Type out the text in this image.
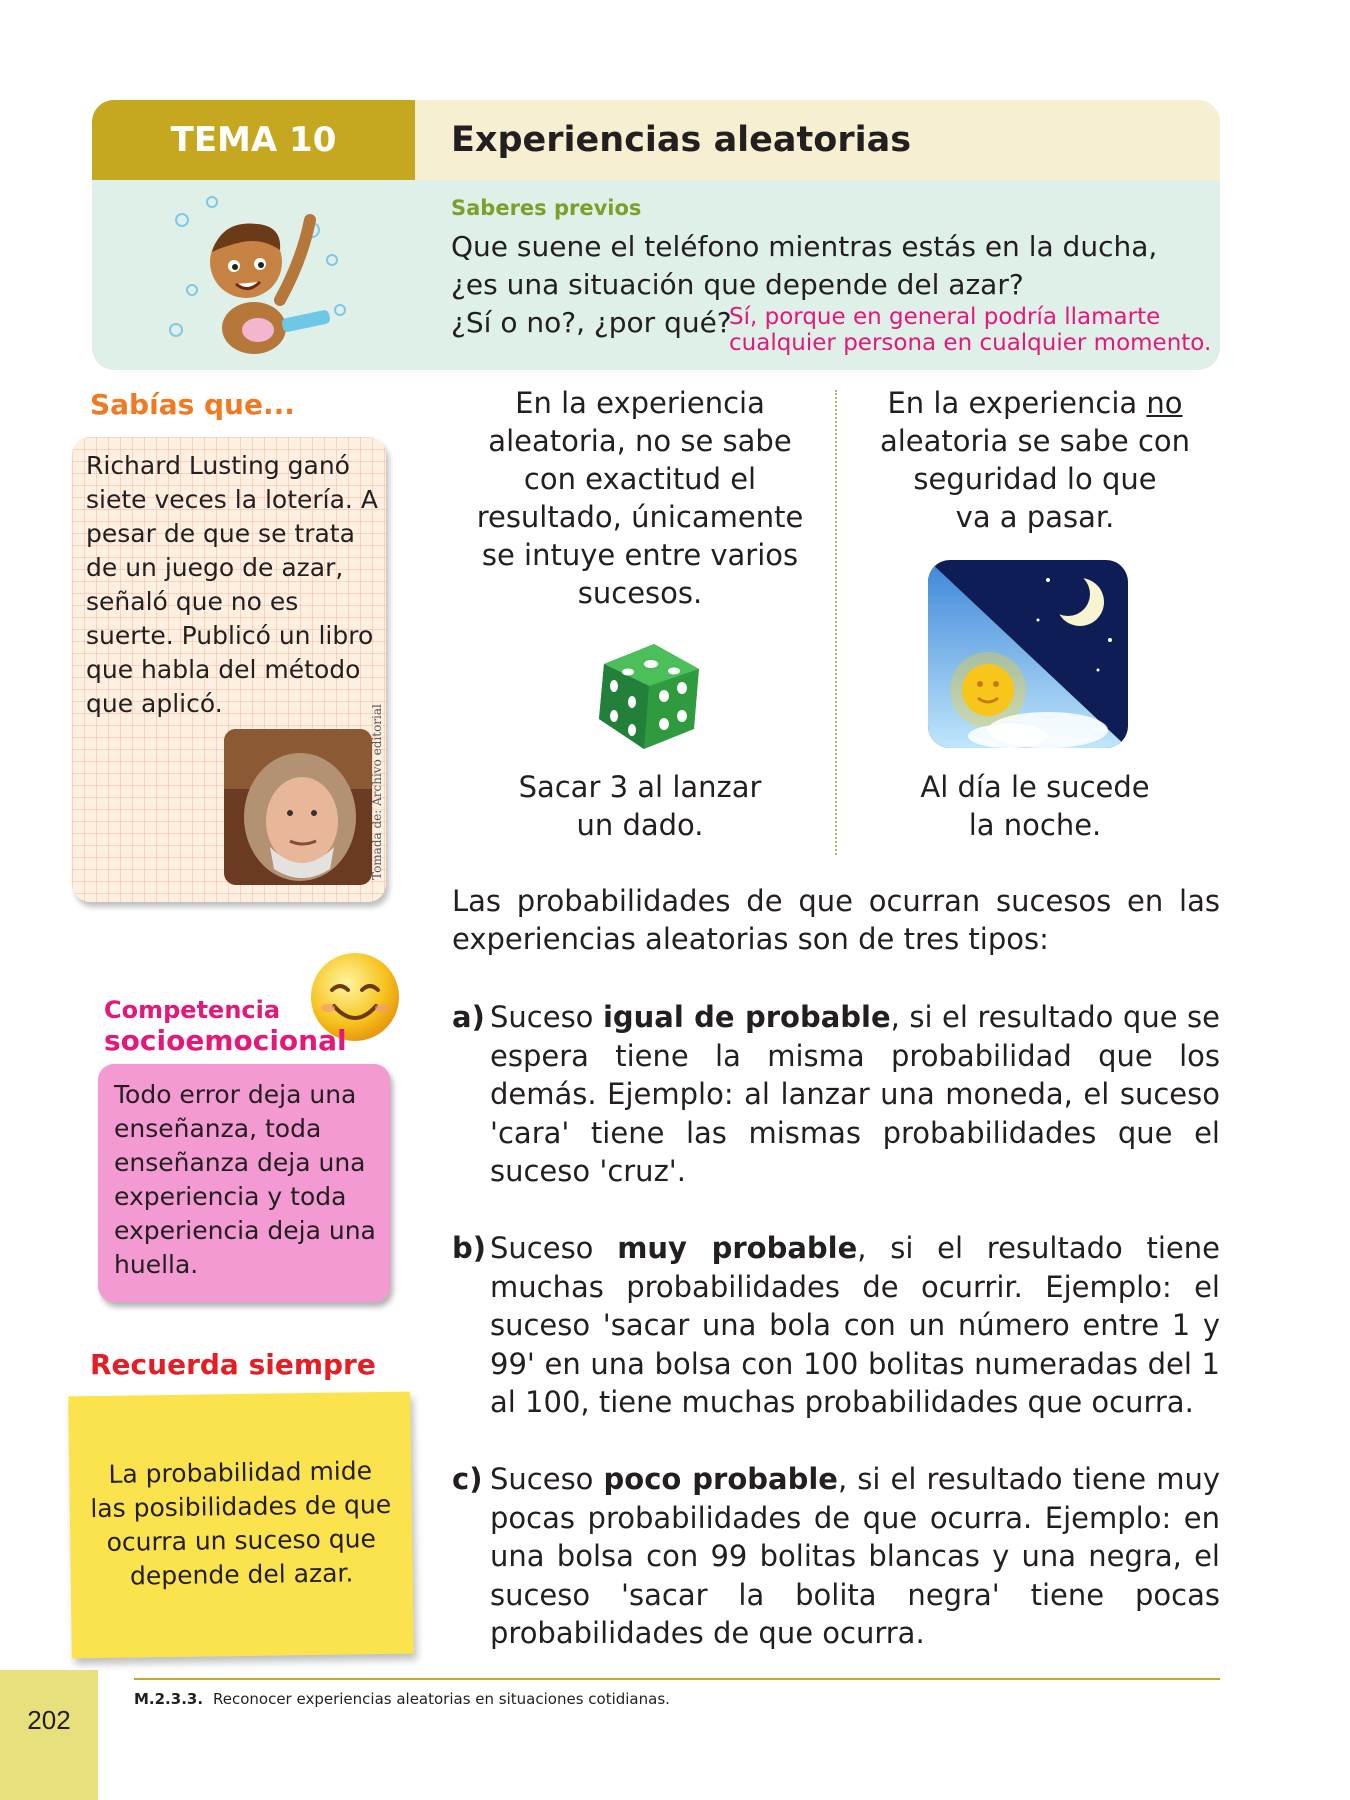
TEMA 10	Experiencias aleatorias
Saberes previos
Que suene el teléfono mientras estás en la ducha,
¿es una situación que depende del azar?
¿Sí o no?, ¿por qué?
Sí, porque en general podría llamarte
cualquier persona en cualquier momento.
Sabías que...
Richard Lusting ganó siete veces la lotería. A pesar de que se trata de un juego de azar, señaló que no es suerte. Publicó un libro que habla del método que aplicó.
Tomada de: Archivo editorial
Competencia
socioemocional
Todo error deja una enseñanza, toda enseñanza deja una experiencia y toda experiencia deja una huella.
Recuerda siempre
La probabilidad mide las posibilidades de que ocurra un suceso que depende del azar.
En la experiencia
aleatoria, no se sabe
con exactitud el
resultado, únicamente
se intuye entre varios
sucesos.
Sacar 3 al lanzar
un dado.
En la experiencia no
aleatoria se sabe con
seguridad lo que
va a pasar.
Al día le sucede
la noche.
Las probabilidades de que ocurran sucesos en las experiencias aleatorias son de tres tipos:
a) Suceso igual de probable, si el resultado que se espera tiene la misma probabilidad que los demás. Ejemplo: al lanzar una moneda, el suceso 'cara' tiene las mismas probabilidades que el suceso 'cruz'.
b) Suceso muy probable, si el resultado tiene muchas probabilidades de ocurrir. Ejemplo: el suceso 'sacar una bola con un número entre 1 y 99' en una bolsa con 100 bolitas numeradas del 1 al 100, tiene muchas probabilidades que ocurra.
c) Suceso poco probable, si el resultado tiene muy pocas probabilidades de que ocurra. Ejemplo: en una bolsa con 99 bolitas blancas y una negra, el suceso 'sacar la bolita negra' tiene pocas probabilidades de que ocurra.
M.2.3.3. Reconocer experiencias aleatorias en situaciones cotidianas.
202
